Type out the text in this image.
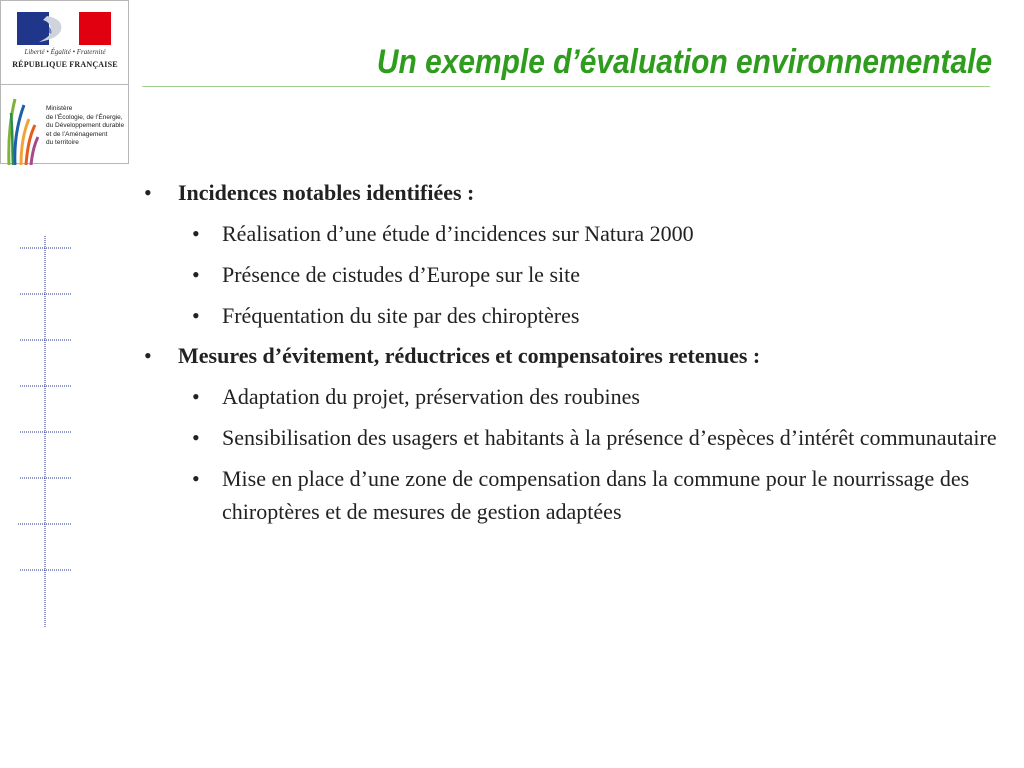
Liberté • Égalité • Fraternité
RÉPUBLIQUE FRANÇAISE
Ministère
de l’Écologie, de l’Énergie,
du Développement durable
et de l’Aménagement
du territoire
Un exemple d’évaluation environnementale
• Incidences notables identifiées :
• Réalisation d’une étude d’incidences sur Natura 2000
• Présence de cistudes d’Europe sur le site
• Fréquentation du site par des chiroptères
• Mesures d’évitement, réductrices et compensatoires retenues :
• Adaptation du projet, préservation des roubines
• Sensibilisation des usagers et habitants à la présence d’espèces d’intérêt communautaire
• Mise en place d’une zone de compensation dans la commune pour le nourrissage des chiroptères et de mesures de gestion adaptées
